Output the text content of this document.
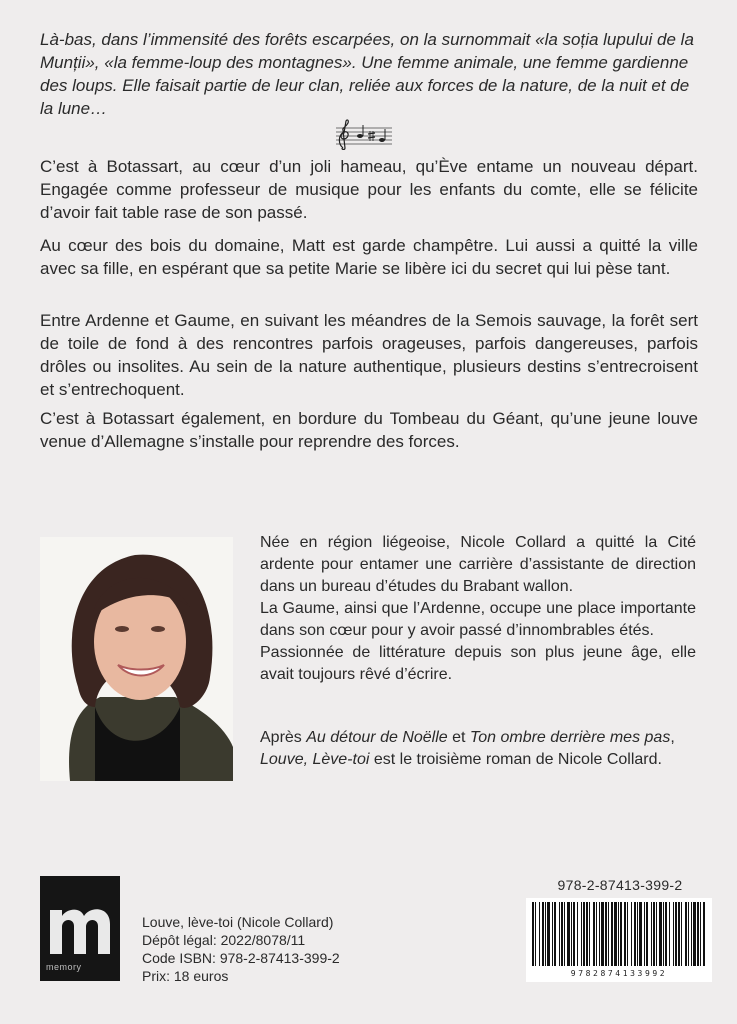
Là-bas, dans l’immensité des forêts escarpées, on la surnommait «la soția lupului de la Munții», «la femme-loup des montagnes». Une femme animale, une femme gardienne des loups. Elle faisait partie de leur clan, reliée aux forces de la nature, de la nuit et de la lune…

C’est à Botassart, au cœur d’un joli hameau, qu’Ève entame un nouveau départ. Engagée comme professeur de musique pour les enfants du comte, elle se félicite d’avoir fait table rase de son passé.

Au cœur des bois du domaine, Matt est garde champêtre. Lui aussi a quitté la ville avec sa fille, en espérant que sa petite Marie se libère ici du secret qui lui pèse tant.

Entre Ardenne et Gaume, en suivant les méandres de la Semois sauvage, la forêt sert de toile de fond à des rencontres parfois orageuses, parfois dangereuses, parfois drôles ou insolites. Au sein de la nature authentique, plusieurs destins s’entrecroisent et s’entrechoquent.

C’est à Botassart également, en bordure du Tombeau du Géant, qu’une jeune louve venue d’Allemagne s’installe pour reprendre des forces.

Née en région liégeoise, Nicole Collard a quitté la Cité ardente pour entamer une carrière d’assistante de direction dans un bureau d’études du Brabant wallon.

La Gaume, ainsi que l’Ardenne, occupe une place importante dans son cœur pour y avoir passé d’innombrables étés.

Passionnée de littérature depuis son plus jeune âge, elle avait toujours rêvé d’écrire.

Après Au détour de Noëlle et Ton ombre derrière mes pas, Louve, Lève-toi est le troisième roman de Nicole Collard.

memory
Louve, lève-toi (Nicole Collard)
Dépôt légal: 2022/8078/11
Code ISBN: 978-2-87413-399-2
Prix: 18 euros
978-2-87413-399-2
9782874133992
